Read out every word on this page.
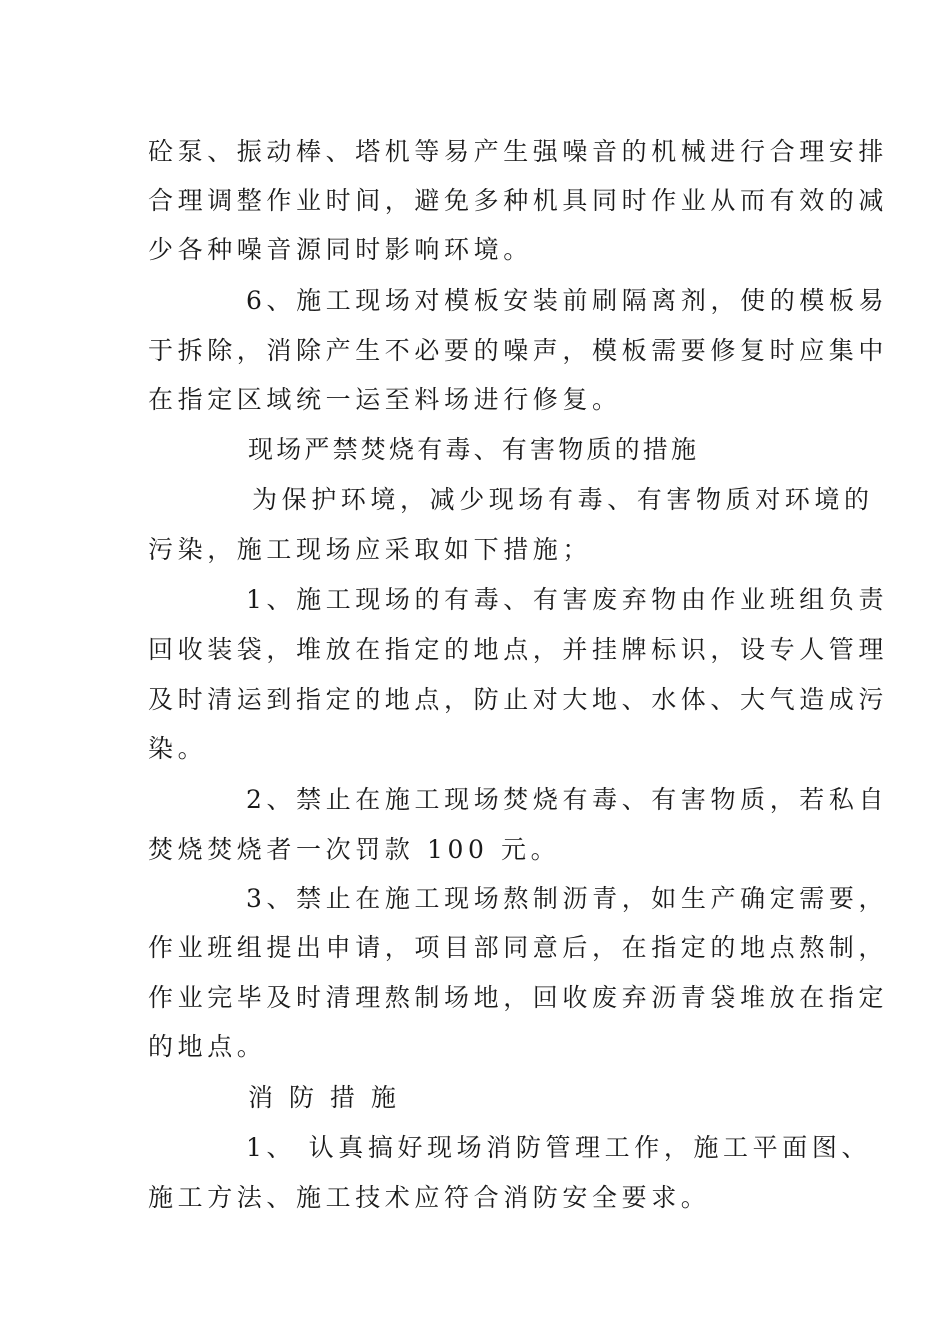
砼泵、振动棒、塔机等易产生强噪音的机械进行合理安排
合理调整作业时间，避免多种机具同时作业从而有效的减
少各种噪音源同时影响环境。
6、施工现场对模板安装前刷隔离剂，使的模板易
于拆除，消除产生不必要的噪声，模板需要修复时应集中
在指定区域统一运至料场进行修复。
现场严禁焚烧有毒、有害物质的措施
为保护环境，减少现场有毒、有害物质对环境的
污染，施工现场应采取如下措施；
1、施工现场的有毒、有害废弃物由作业班组负责
回收装袋，堆放在指定的地点，并挂牌标识，设专人管理
及时清运到指定的地点，防止对大地、水体、大气造成污
染。
2、禁止在施工现场焚烧有毒、有害物质，若私自
焚烧焚烧者一次罚款 100 元。
3、禁止在施工现场熬制沥青，如生产确定需要，
作业班组提出申请，项目部同意后，在指定的地点熬制，
作业完毕及时清理熬制场地，回收废弃沥青袋堆放在指定
的地点。
消 防 措 施
1、 认真搞好现场消防管理工作，施工平面图、
施工方法、施工技术应符合消防安全要求。
